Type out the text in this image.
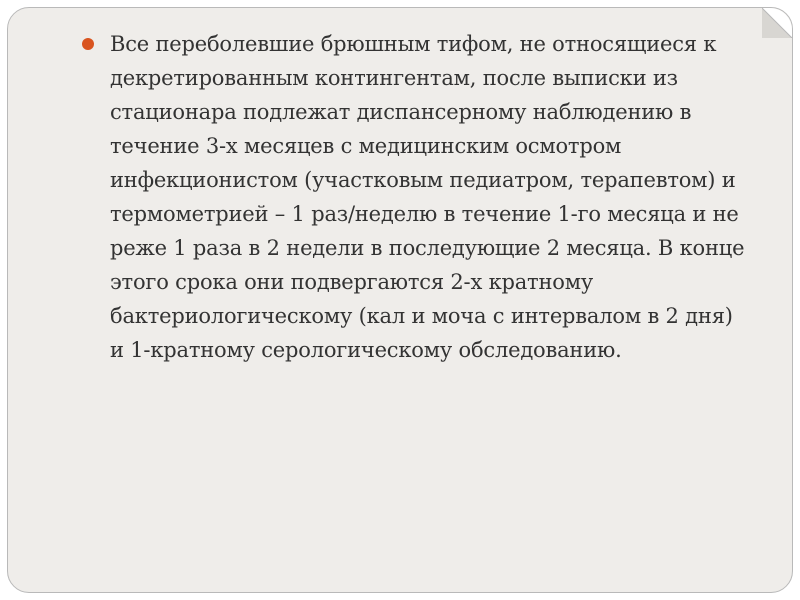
Все переболевшие брюшным тифом, не относящиеся к декретированным контингентам, после выписки из стационара подлежат диспансерному наблюдению в течение 3-х месяцев с медицинским осмотром инфекционистом (участковым педиатром, терапевтом) и термометрией – 1 раз/неделю в течение 1-го месяца и не реже 1 раза в 2 недели в последующие 2 месяца. В конце этого срока они подвергаются 2-х кратному бактериологическому (кал и моча с интервалом в 2 дня) и 1-кратному серологическому обследованию.
